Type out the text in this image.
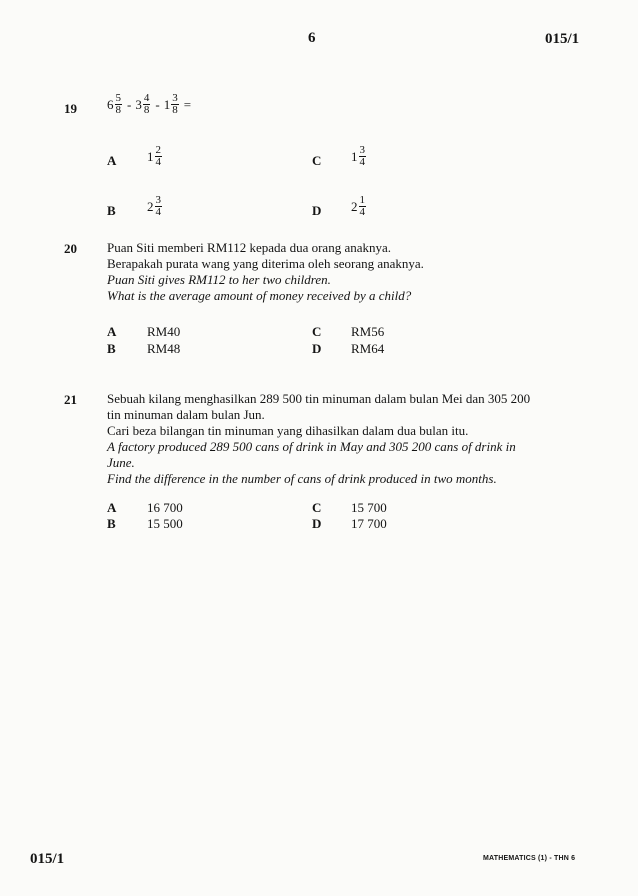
6	015/1
19 $6 \frac{5}{8} - 3 \frac{4}{8} - 1 \frac{3}{8}$ =
A $1 \frac{2}{4}$	C $1 \frac{3}{4}$
B $2 \frac{3}{4}$	D $2 \frac{1}{4}$
20 Puan Siti memberi RM112 kepada dua orang anaknya.
Berapakah purata wang yang diterima oleh seorang anaknya.
Puan Siti gives RM112 to her two children.
What is the average amount of money received by a child?
A RM40
B RM48
C RM56
D RM64
21 Sebuah kilang menghasilkan 289 500 tin minuman dalam bulan Mei dan 305 200
tin minuman dalam bulan Jun.
Cari beza bilangan tin minuman yang dihasilkan dalam dua bulan itu.
A factory produced 289 500 cans of drink in May and 305 200 cans of drink in
June.
Find the difference in the number of cans of drink produced in two months.
A 16 700
B 15 500
C 15 700
D 17 700
015/1	MATHEMATICS (1) - THN 6
